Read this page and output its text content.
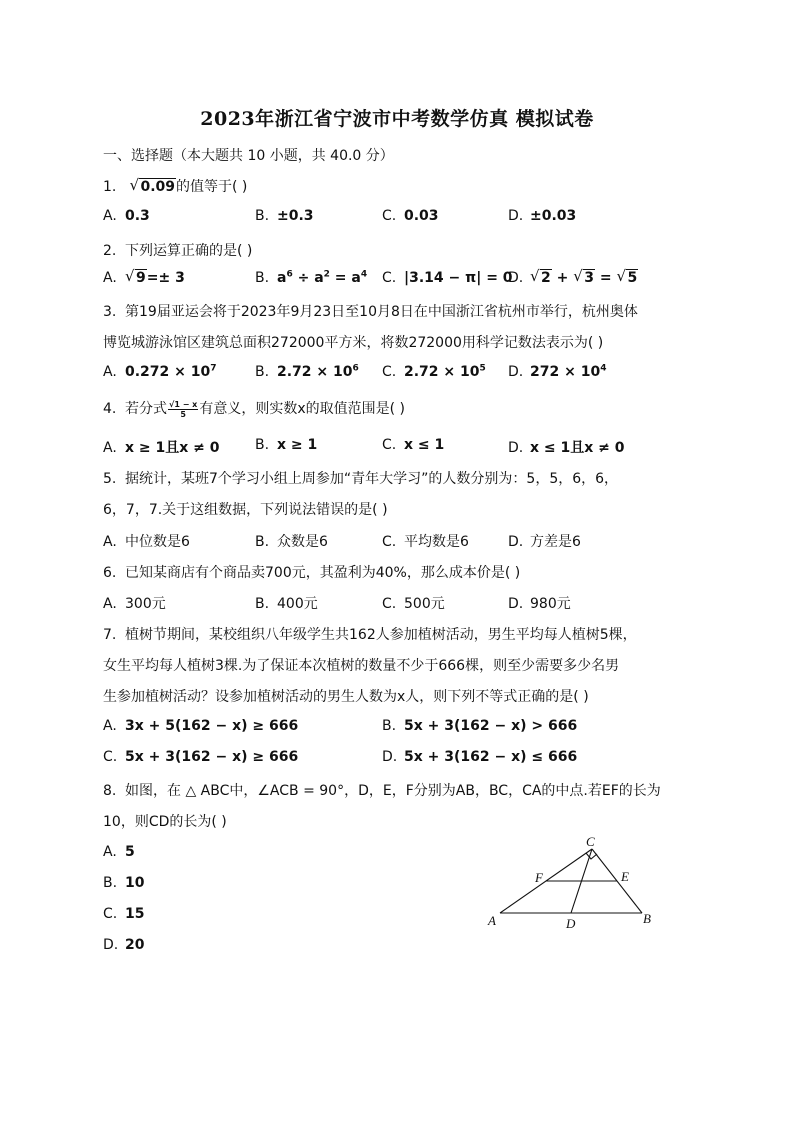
2023年浙江省宁波市中考数学仿真 模拟试卷
一、选择题（本大题共 10 小题，共 40.0 分）
1. √ 0.09的值等于( )
A. 0.3	B. ±0.3	C. 0.03	D. ±0.03
2. 下列运算正确的是( )
A. √ 9=± 3	B. $a^6 \div a^2 = a^4$ C. |3.14 − π| = 0
D. √ 2 + √ 3 = √ 5
3. 第19届亚运会将于2023年9月23日至10月8日在中国浙江省杭州市举行，杭州奥体
博览城游泳馆区建筑总面积272000平方米，将数272000用科学记数法表示为( )
A. $0.272 \times 10^7$	B. $2.72 \times 10^6$ C. $2.72 \times 10^5$ D. $272 \times 10^4$
4. 若分式 $\frac{√1 - x}{5}$ 有意义，则实数x的取值范围是( )
A. x ≥ 1且x ≠ 0	B. x ≥ 1	C. x ≤ 1	D. x ≤ 1且x ≠ 0
5. 据统计，某班7个学习小组上周参加“青年大学习”的人数分别为：5，5，6，6，
6，7，7.关于这组数据，下列说法错误的是( )
A. 中位数是6	B. 众数是6	C. 平均数是6	D. 方差是6
6. 已知某商店有个商品卖700元，其盈利为40%，那么成本价是( )
A. 300元	B. 400元	C. 500元	D. 980元
7. 植树节期间，某校组织八年级学生共162人参加植树活动，男生平均每人植树5棵，
女生平均每人植树3棵.为了保证本次植树的数量不少于666棵，则至少需要多少名男
生参加植树活动？设参加植树活动的男生人数为x人，则下列不等式正确的是( )
A. 3x + 5(162 − x) ≥ 666	B. 5x + 3(162 − x) > 666
C. 5x + 3(162 − x) ≥ 666	D. 5x + 3(162 − x) ≤ 666
8. 如图，在 △ ABC中，∠ACB = 90°，D，E，F分别为AB，BC，CA的中点.若EF的长为
10，则CD的长为( )
A. 5
B. 10
C. 15
D. 20
A	B
C
D
E
F
